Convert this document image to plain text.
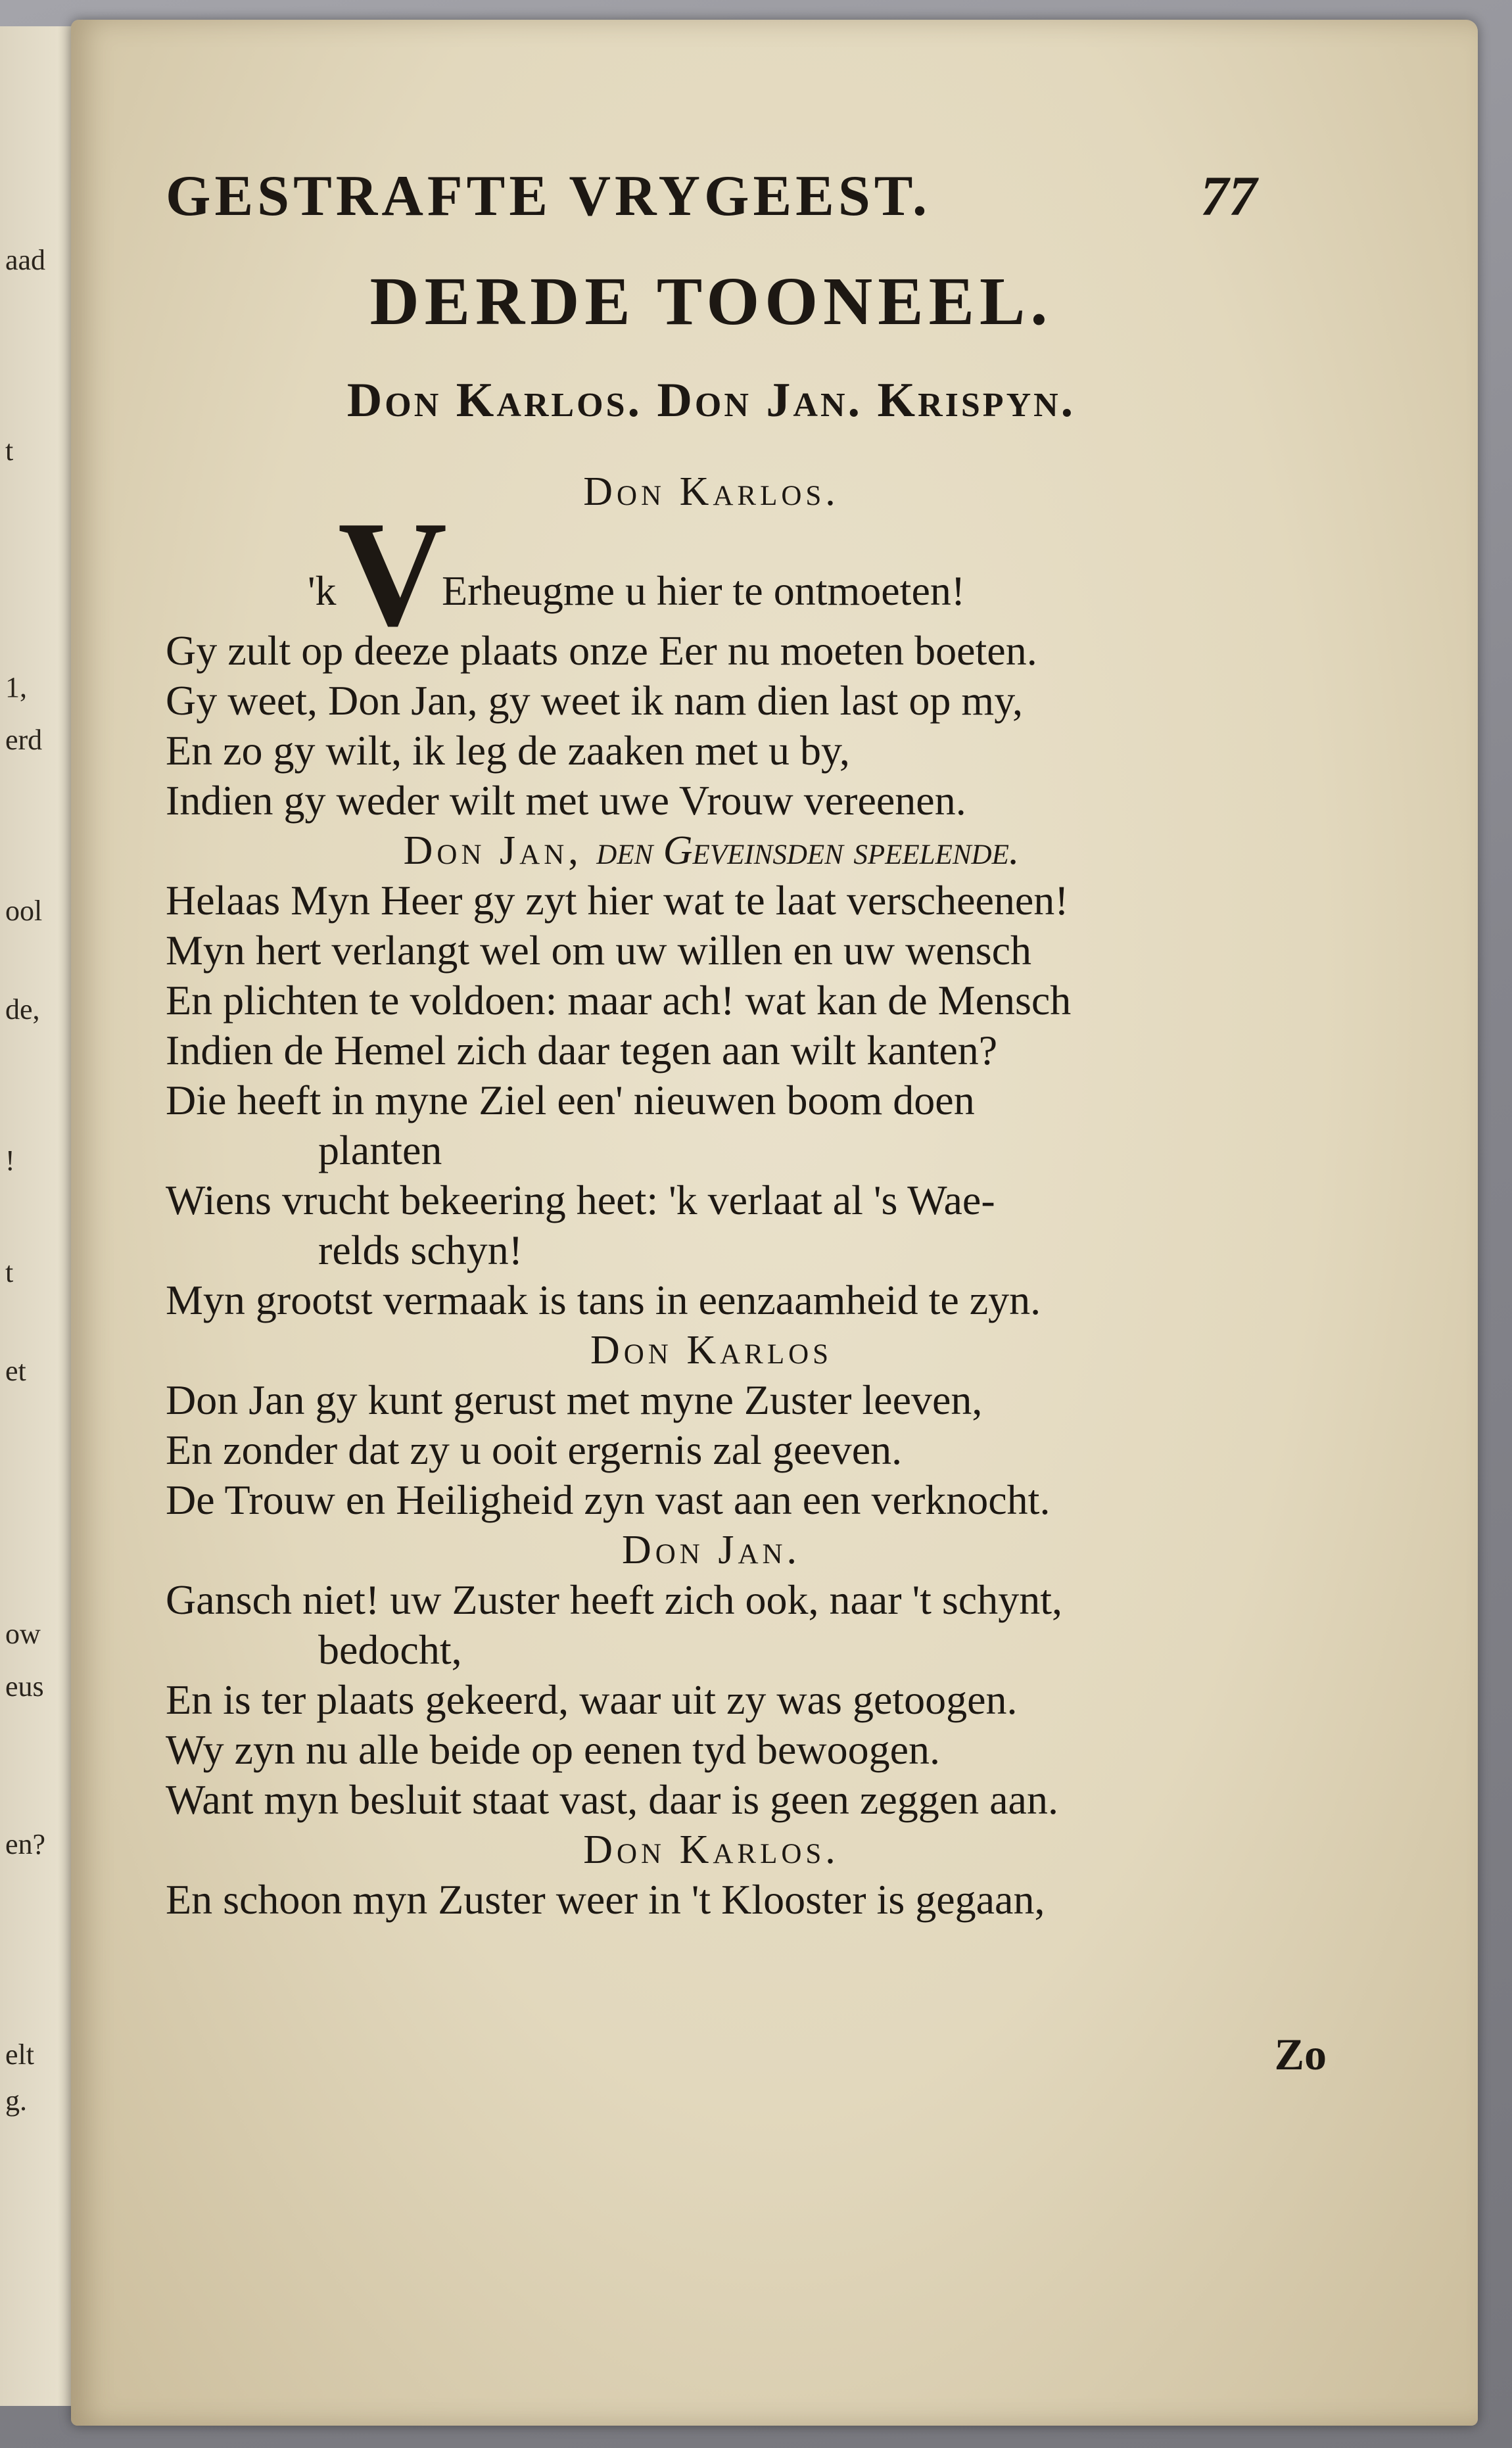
aad
t
1,
erd
ool
de,
!
t
et
ow
eus
en?
elt
g.
GESTRAFTE VRYGEEST.	77
DERDE TOONEEL.
Don Karlos. Don Jan. Krispyn.
Don Karlos.
'k V
Erheugme u hier te ontmoeten!
Gy zult op deeze plaats onze Eer nu moeten boeten.
Gy weet, Don Jan, gy weet ik nam dien last op my,
En zo gy wilt, ik leg de zaaken met u by,
Indien gy weder wilt met uwe Vrouw vereenen.
Don Jan, den Geveinsden speelende.
Helaas Myn Heer gy zyt hier wat te laat verscheenen!
Myn hert verlangt wel om uw willen en uw wensch
En plichten te voldoen: maar ach! wat kan de Mensch
Indien de Hemel zich daar tegen aan wilt kanten?
Die heeft in myne Ziel een' nieuwen boom doen
planten
Wiens vrucht bekeering heet: 'k verlaat al 's Wae-
relds schyn!
Myn grootst vermaak is tans in eenzaamheid te zyn.
Don Karlos
Don Jan gy kunt gerust met myne Zuster leeven,
En zonder dat zy u ooit ergernis zal geeven.
De Trouw en Heiligheid zyn vast aan een verknocht.
Don Jan.
Gansch niet! uw Zuster heeft zich ook, naar 't schynt,
bedocht,
En is ter plaats gekeerd, waar uit zy was getoogen.
Wy zyn nu alle beide op eenen tyd bewoogen.
Want myn besluit staat vast, daar is geen zeggen aan.
Don Karlos.
En schoon myn Zuster weer in 't Klooster is gegaan,
Zo
